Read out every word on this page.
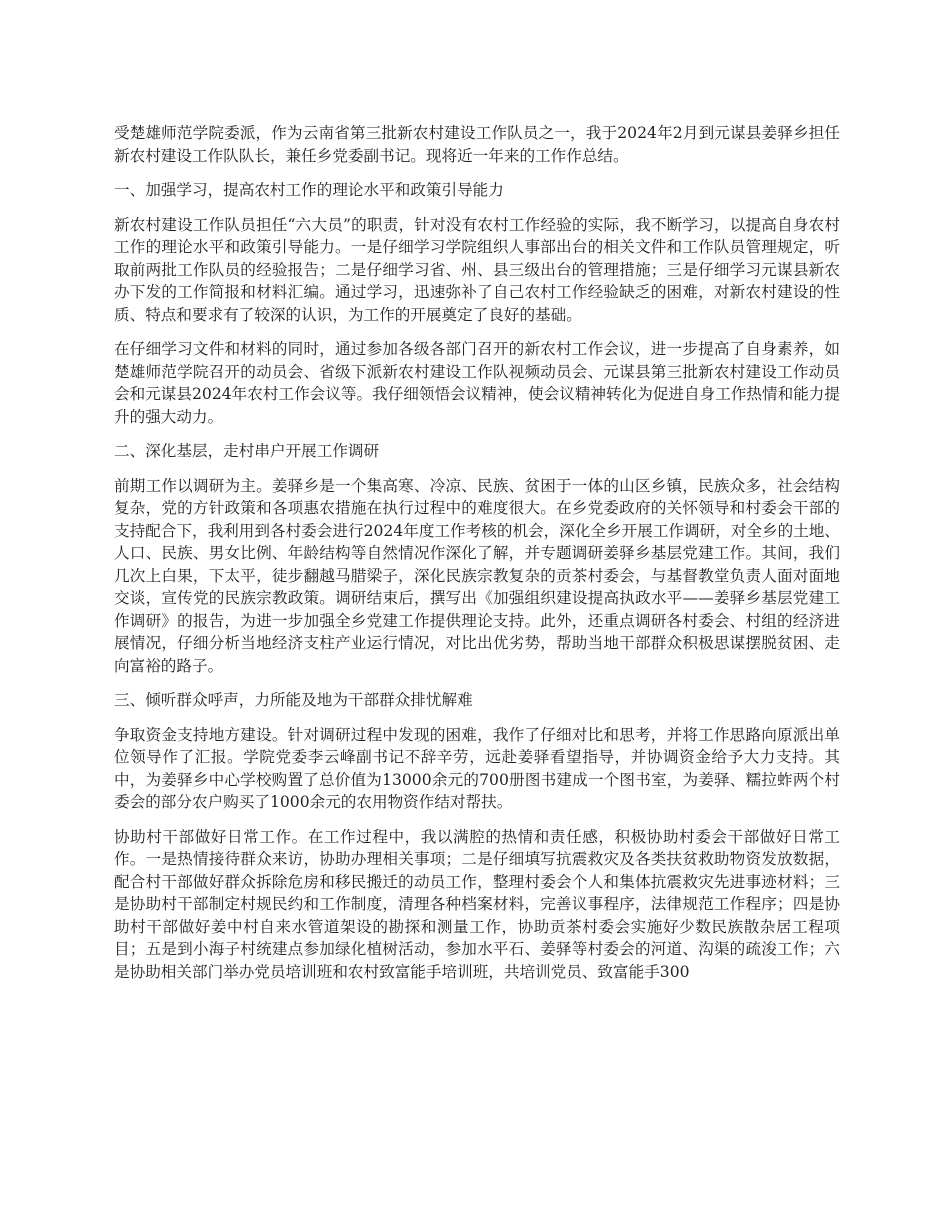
受楚雄师范学院委派，作为云南省第三批新农村建设工作队员之一，我于2024年2月到元谋县姜驿乡担任新农村建设工作队队长，兼任乡党委副书记。现将近一年来的工作作总结。

一、加强学习，提高农村工作的理论水平和政策引导能力

新农村建设工作队员担任“六大员”的职责，针对没有农村工作经验的实际，我不断学习，以提高自身农村工作的理论水平和政策引导能力。一是仔细学习学院组织人事部出台的相关文件和工作队员管理规定，听取前两批工作队员的经验报告；二是仔细学习省、州、县三级出台的管理措施；三是仔细学习元谋县新农办下发的工作简报和材料汇编。通过学习，迅速弥补了自己农村工作经验缺乏的困难，对新农村建设的性质、特点和要求有了较深的认识，为工作的开展奠定了良好的基础。

在仔细学习文件和材料的同时，通过参加各级各部门召开的新农村工作会议，进一步提高了自身素养，如楚雄师范学院召开的动员会、省级下派新农村建设工作队视频动员会、元谋县第三批新农村建设工作动员会和元谋县2024年农村工作会议等。我仔细领悟会议精神，使会议精神转化为促进自身工作热情和能力提升的强大动力。

二、深化基层，走村串户开展工作调研

前期工作以调研为主。姜驿乡是一个集高寒、冷凉、民族、贫困于一体的山区乡镇，民族众多，社会结构复杂，党的方针政策和各项惠农措施在执行过程中的难度很大。在乡党委政府的关怀领导和村委会干部的支持配合下，我利用到各村委会进行2024年度工作考核的机会，深化全乡开展工作调研，对全乡的土地、人口、民族、男女比例、年龄结构等自然情况作深化了解，并专题调研姜驿乡基层党建工作。其间，我们几次上白果，下太平，徒步翻越马腊梁子，深化民族宗教复杂的贡茶村委会，与基督教堂负责人面对面地交谈，宣传党的民族宗教政策。调研结束后，撰写出《加强组织建设提高执政水平——姜驿乡基层党建工作调研》的报告，为进一步加强全乡党建工作提供理论支持。此外，还重点调研各村委会、村组的经济进展情况，仔细分析当地经济支柱产业运行情况，对比出优劣势，帮助当地干部群众积极思谋摆脱贫困、走向富裕的路子。

三、倾听群众呼声，力所能及地为干部群众排忧解难

争取资金支持地方建设。针对调研过程中发现的困难，我作了仔细对比和思考，并将工作思路向原派出单位领导作了汇报。学院党委李云峰副书记不辞辛劳，远赴姜驿看望指导，并协调资金给予大力支持。其中，为姜驿乡中心学校购置了总价值为13000余元的700册图书建成一个图书室，为姜驿、糯拉蚱两个村委会的部分农户购买了1000余元的农用物资作结对帮扶。

协助村干部做好日常工作。在工作过程中，我以满腔的热情和责任感，积极协助村委会干部做好日常工作。一是热情接待群众来访，协助办理相关事项；二是仔细填写抗震救灾及各类扶贫救助物资发放数据，配合村干部做好群众拆除危房和移民搬迁的动员工作，整理村委会个人和集体抗震救灾先进事迹材料；三是协助村干部制定村规民约和工作制度，清理各种档案材料，完善议事程序，法律规范工作程序；四是协助村干部做好姜中村自来水管道架设的勘探和测量工作，协助贡茶村委会实施好少数民族散杂居工程项目；五是到小海子村统建点参加绿化植树活动，参加水平石、姜驿等村委会的河道、沟渠的疏浚工作；六是协助相关部门举办党员培训班和农村致富能手培训班，共培训党员、致富能手300
